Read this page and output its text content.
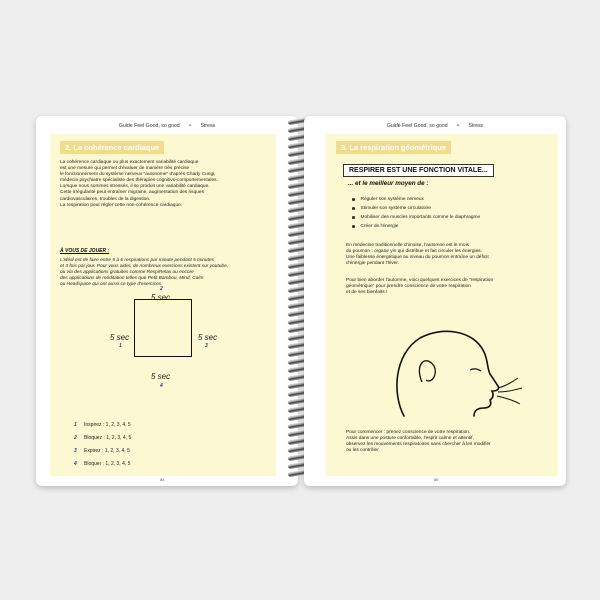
Guide Feel Good, so good • Stress
2. La cohérence cardiaque
La cohérence cardiaque ou plus exactement variabilité cardiaque
est une mesure qui permet d'évaluer de manière très précise
le fonctionnement du système nerveux "autonome" d'après Charly Cungi,
médecin psychiatre spécialiste des thérapies cognitivo-comportementales.
Lorsque nous sommes stressés, il se produit une variabilité cardiaque.
Cette irrégularité peut entraîner migraine, augmentation des risques
cardiovasculaires, troubles de la digestion.
La respiration peut régler cette non-cohérence cardiaque.
À VOUS DE JOUER :
L'idéal est de faire entre 5 à 6 respirations par minute pendant 5 minutes
et 3 fois par jour. Pour vous aider, de nombreux exercices existent sur youtube,
ou via des applications gratuites comme RespiRelax ou encore
des applications de méditation telles que Petit Bambou, Mind, Calm
ou Headspace qui ont aussi ce type d'exercices.
2
5 sec
5 sec
1
5 sec
3
5 sec
4
1	Inspirez : 1, 2, 3, 4, 5
2	Bloquez : 1, 2, 3, 4, 5
3	Expirez : 1, 2, 3, 4, 5
4	Bloquer : 1, 2, 3, 4, 5
84
Guide Feel Good, so good • Stress
3. La respiration géométrique
RESPIRER EST UNE FONCTION VITALE...
... et le meilleur moyen de :
Réguler son système nerveux
Stimuler son système circulatoire
Mobiliser des muscles importants comme le diaphragme
Créer de l'énergie
En médecine traditionnelle chinoise, l'automne est le mois
du poumon : organe yin qui distribue et fait circuler les énergies.
Une faiblesse énergétique au niveau du poumon entraîne un déficit
d'énergie pendant l'hiver.
Pour bien aborder l'automne, voici quelques exercices de "respiration
géométrique" pour prendre conscience de votre respiration
et de ses bienfaits !
Pour commencer : prenez conscience de votre respiration.
Assis dans une posture confortable, l'esprit calme et attentif,
observez les mouvements respiratoires sans chercher à les modifier
ou les contrôler.
85
